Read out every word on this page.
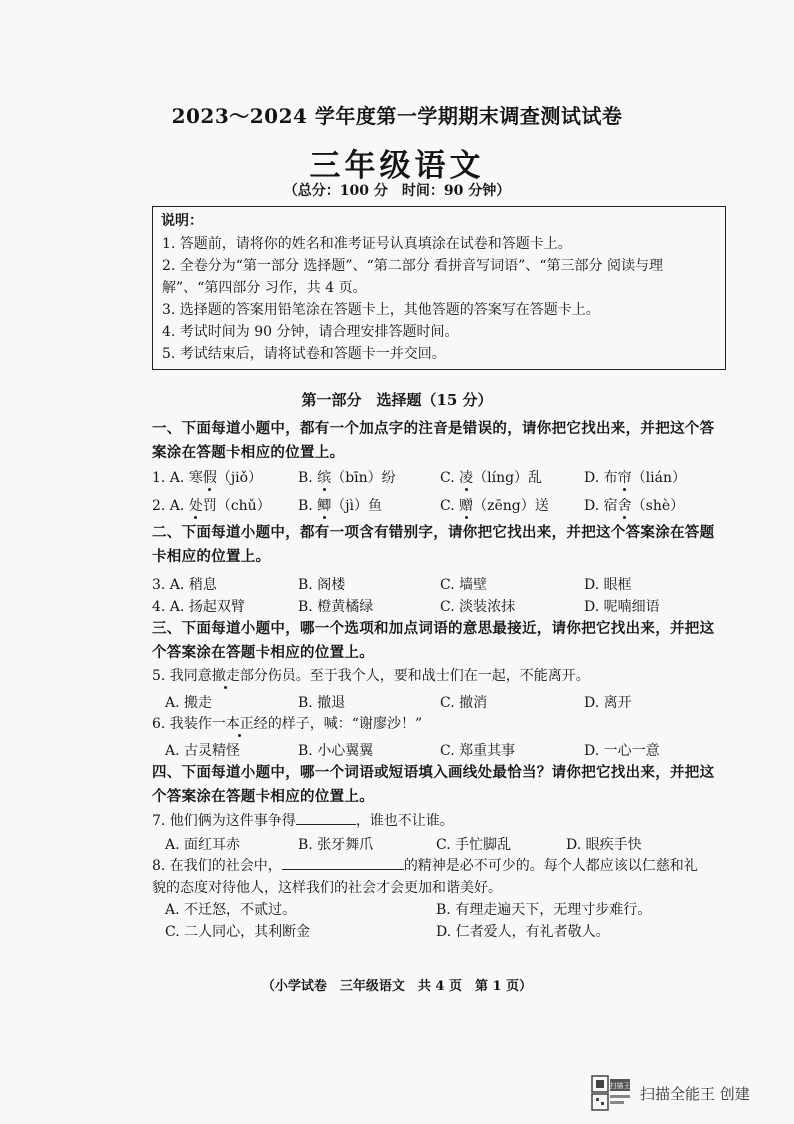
2023～2024 学年度第一学期期末调查测试试卷
三年级语文
（总分：100 分　时间：90 分钟）
说明：
1. 答题前，请将你的姓名和准考证号认真填涂在试卷和答题卡上。
2. 全卷分为“第一部分 选择题”、“第二部分 看拼音写词语”、“第三部分 阅读与理解”、“第四部分 习作，共 4 页。
3. 选择题的答案用铅笔涂在答题卡上，其他答题的答案写在答题卡上。
4. 考试时间为 90 分钟，请合理安排答题时间。
5. 考试结束后，请将试卷和答题卡一并交回。
第一部分　选择题（15 分）
一、下面每道小题中，都有一个加点字的注音是错误的，请你把它找出来，并把这个答案涂在答题卡相应的位置上。
1. A. 寒假（jiǒ）	B. 缤（bīn）纷	C. 凌（líng）乱	D. 布帘（lián）
2. A. 处罚（chǔ） B. 鲫（jì）鱼	C. 赠（zēng）送	D. 宿舍（shè）
二、下面每道小题中，都有一项含有错别字，请你把它找出来，并把这个答案涂在答题卡相应的位置上。
3. A. 稍息	B. 阁楼	C. 墙壁	D. 眼框
4. A. 扬起双臂	B. 橙黄橘绿	C. 淡装浓抹	D. 呢喃细语
三、下面每道小题中，哪一个选项和加点词语的意思最接近，请你把它找出来，并把这个答案涂在答题卡相应的位置上。
5. 我同意撤走部分伤员。至于我个人，要和战士们在一起，不能离开。
A. 搬走	B. 撤退	C. 撤消	D. 离开
6. 我装作一本正经的样子，喊：“谢廖沙！”
A. 古灵精怪	B. 小心翼翼	C. 郑重其事	D. 一心一意
四、下面每道小题中，哪一个词语或短语填入画线处最恰当？请你把它找出来，并把这个答案涂在答题卡相应的位置上。
7. 他们俩为这件事争得	，谁也不让谁。
A. 面红耳赤	B. 张牙舞爪	C. 手忙脚乱	D. 眼疾手快
8. 在我们的社会中，	的精神是必不可少的。每个人都应该以仁慈和礼
貌的态度对待他人，这样我们的社会才会更加和谐美好。
A. 不迁怒，不贰过。	B. 有理走遍天下，无理寸步难行。
C. 二人同心，其利断金	D. 仁者爱人，有礼者敬人。
（小学试卷　三年级语文　共 4 页　第 1 页）
扫描王 扫描全能王 创建
